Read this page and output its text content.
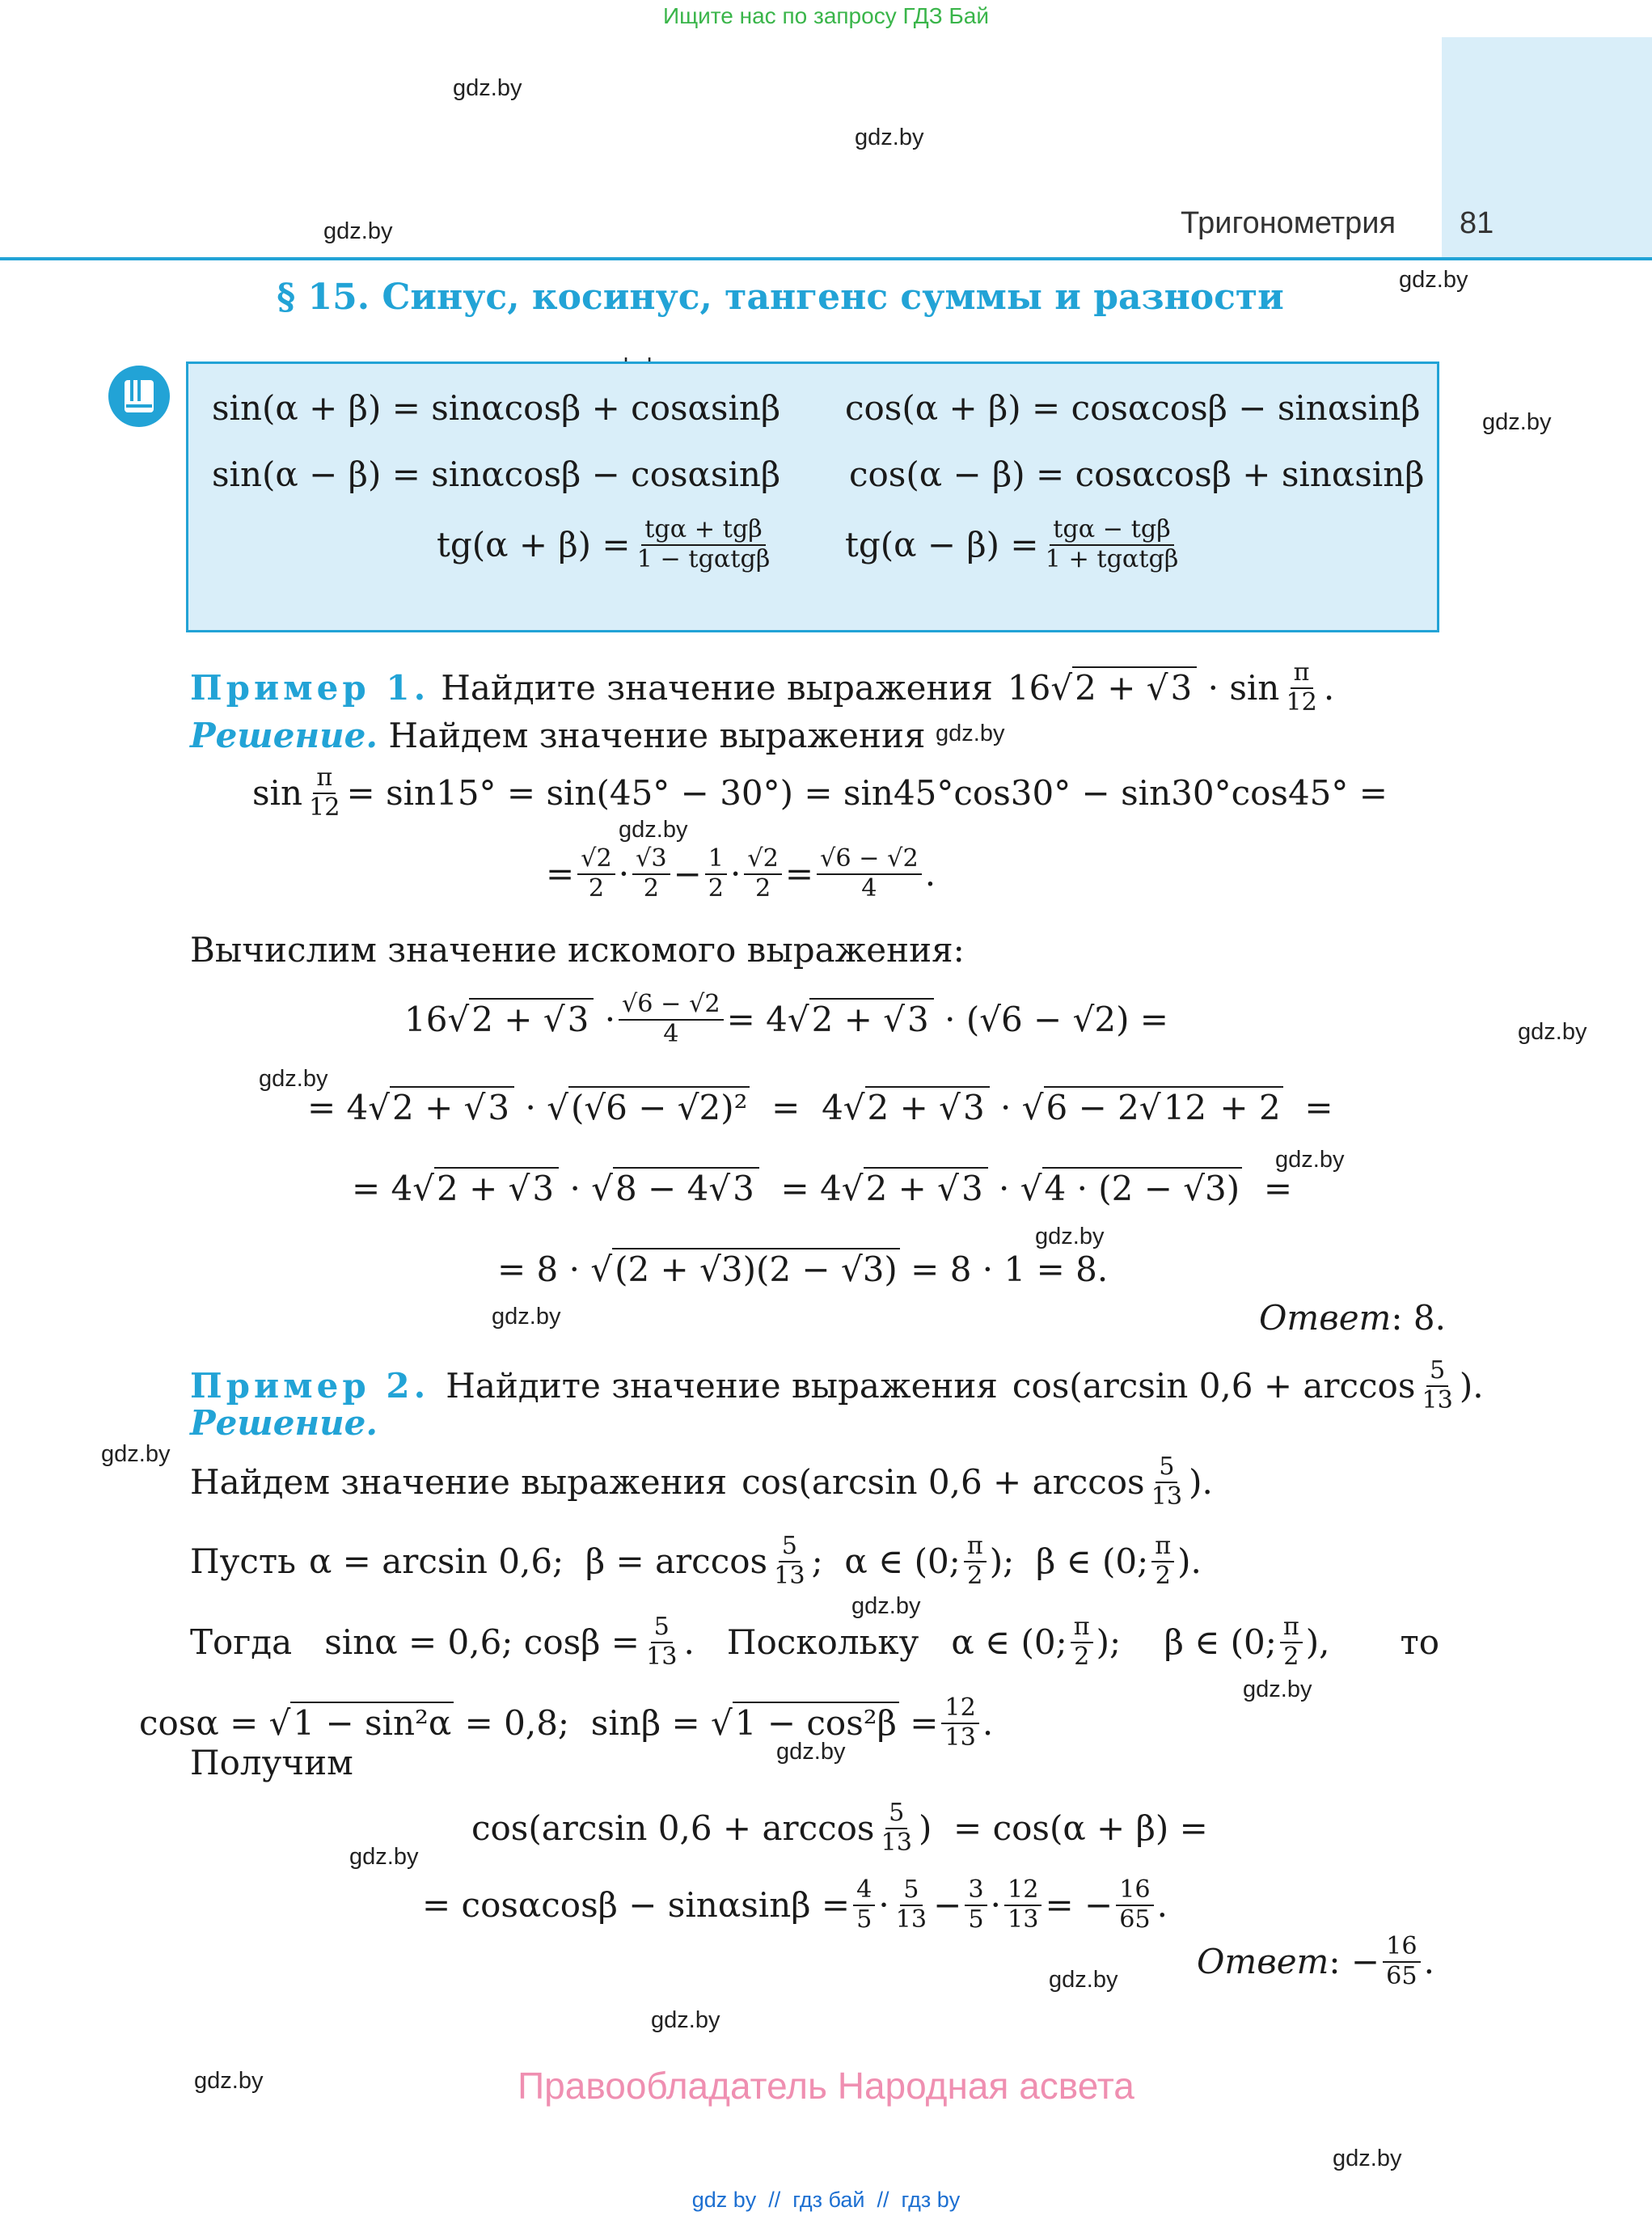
Ищите нас по запросу ГДЗ Бай
Тригонометрия 81
gdz.by
gdz.by
gdz.by
gdz.by
gdz.by
gdz.by
gdz.by
gdz.by
gdz.by
gdz.by
gdz.by
gdz.by
gdz.by
gdz.by
gdz.by
gdz.by
gdz.by
gdz.by
gdz.by
gdz.by
gdz.by
§ 15. Синус, косинус, тангенс суммы и разности
sin(α + β) = sinαcosβ + cosαsinβ cos(α + β) = cosαcosβ − sinαsinβ
sin(α − β) = sinαcosβ − cosαsinβ cos(α − β) = cosαcosβ + sinαsinβ
$tg(\alpha + \beta) = \frac{\text{tgα + tgβ}}{\text{1 − tgαtgβ}} tg(\alpha - \beta) = \frac{\text{tgα − tgβ}}{\text{1 + tgαtgβ}}$
Пример 1. Найдите значение выражения $16√2 + √3 \cdot \sin \frac{\pi}{12}$ .
Решение. Найдем значение выражения
$\sin \frac{\pi}{12} = \sin 15^\circ = \sin(45^\circ - 30^\circ) = \sin 45^\circ\cos 30^\circ - \sin 30^\circ\cos 45^\circ$ =
= $\frac{√2}{2} \cdot \frac{√3}{2} - \frac{1}{2} \cdot \frac{√2}{2} = \frac{√6 - √2}{4}$ .
Вычислим значение искомого выражения:
$16√2 + √3 \cdot \frac{√6 - √2}{4} = 4√2 + √3 \cdot (√6 - √2)$ =
= 4√2 + √3 · √(√6 − √2)²  =  4√2 + √3 · √6 − 2√12 + 2  =
= 4√2 + √3 · √8 − 4√3  = 4√2 + √3 · √4 · (2 − √3)  =
= 8 · √(2 + √3)(2 − √3) = 8 · 1 = 8.
Ответ: 8.
Пример 2. Найдите значение выражения cos(arcsin $0,6 + \arccos \frac{5}{13}$ ).
Решение.
Найдем значение выражения cos(arcsin $0,6 + \arccos \frac{5}{13}$ ).
Пусть α = arcsin 0,6;  $\beta = \arccos \frac{5}{13}$ ;  α ∈ (0; $\frac{\pi}{2}$ );  β ∈ (0; $\frac{\pi}{2}$ ).
Тогда sinα = 0,6; $\cos\beta = \frac{5}{13}$ . Поскольку α ∈ (0; $\frac{\pi}{2}$ );    β ∈ (0; $\frac{\pi}{2}$ ), то
cosα = √1 − sin²α = 0,8;  $\sin\beta = √1 - \cos^2\beta = \frac{12}{13}$ .
Получим
cos(arcsin $0,6 + \arccos \frac{5}{13}$ )  = cos(α + β) =
= $\cos\alpha\cos\beta - \sin\alpha\sin\beta = \frac{4}{5} \cdot \frac{5}{13} - \frac{3}{5} \cdot \frac{12}{13}$ = − $\frac{16}{65}$ .
Ответ : − $\frac{16}{65}$ .
Правообладатель Народная асвета
gdz by  //  гдз бай  //  гдз by
